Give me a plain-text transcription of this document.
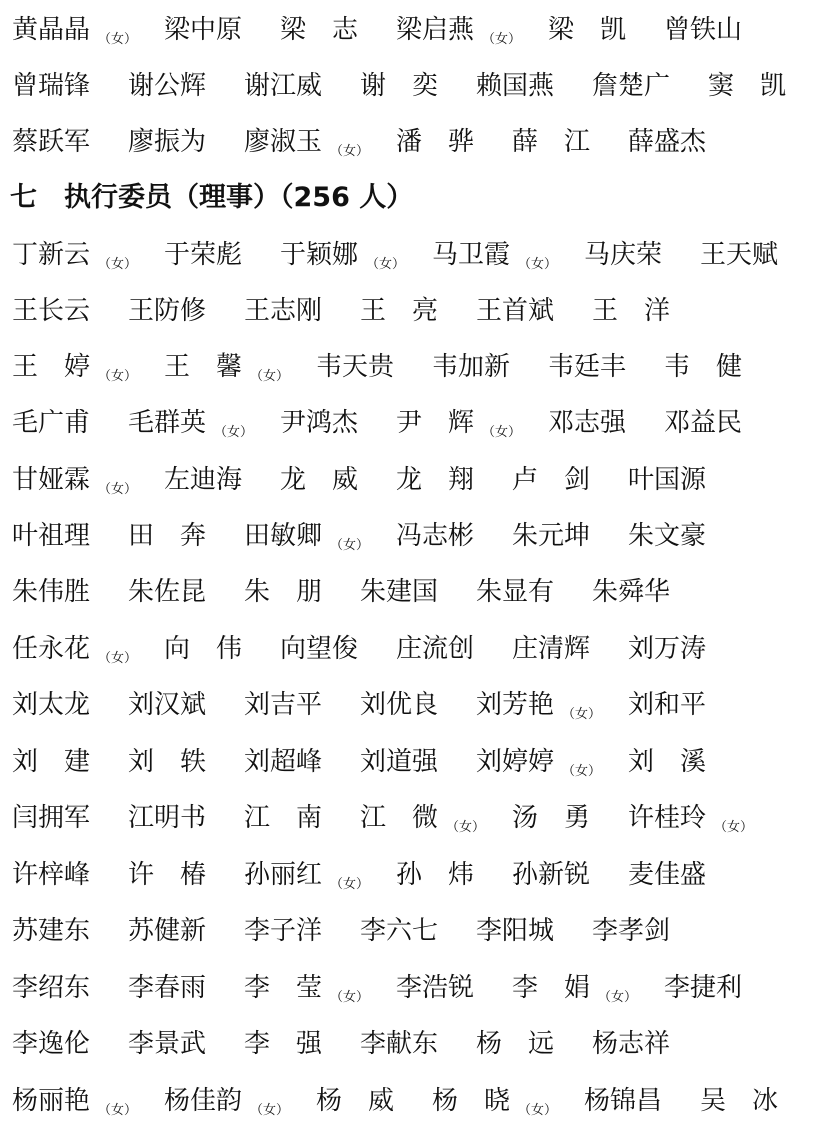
黄晶晶 （女） 梁中原 梁　志 梁启燕 （女） 梁　凯 曾铁山
曾瑞锋 谢公辉 谢江威 谢　奕 赖国燕 詹楚广 窦　凯
蔡跃军 廖振为 廖淑玉 （女） 潘　骅 薛　江 薛盛杰
七　执行委员（理事）（256 人）
丁新云 （女） 于荣彪 于颖娜 （女） 马卫霞 （女） 马庆荣 王天赋
王长云 王防修 王志刚 王　亮 王首斌 王　洋
王　婷 （女） 王　馨 （女） 韦天贵 韦加新 韦廷丰 韦　健
毛广甫 毛群英 （女） 尹鸿杰 尹　辉 （女） 邓志强 邓益民
甘娅霖 （女） 左迪海 龙　威 龙　翔 卢　剑 叶国源
叶祖理 田　奔 田敏卿 （女） 冯志彬 朱元坤 朱文豪
朱伟胜 朱佐昆 朱　朋 朱建国 朱显有 朱舜华
任永花 （女） 向　伟 向望俊 庄流创 庄清辉 刘万涛
刘太龙 刘汉斌 刘吉平 刘优良 刘芳艳 （女） 刘和平
刘　建 刘　轶 刘超峰 刘道强 刘婷婷 （女） 刘　溪
闫拥军 江明书 江　南 江　微 （女） 汤　勇 许桂玲 （女）
许梓峰 许　椿 孙丽红 （女） 孙　炜 孙新锐 麦佳盛
苏建东 苏健新 李子洋 李六七 李阳城 李孝剑
李绍东 李春雨 李　莹 （女） 李浩锐 李　娟 （女） 李捷利
李逸伦 李景武 李　强 李献东 杨　远 杨志祥
杨丽艳 （女） 杨佳韵 （女） 杨　威 杨　晓 （女） 杨锦昌 吴　冰
